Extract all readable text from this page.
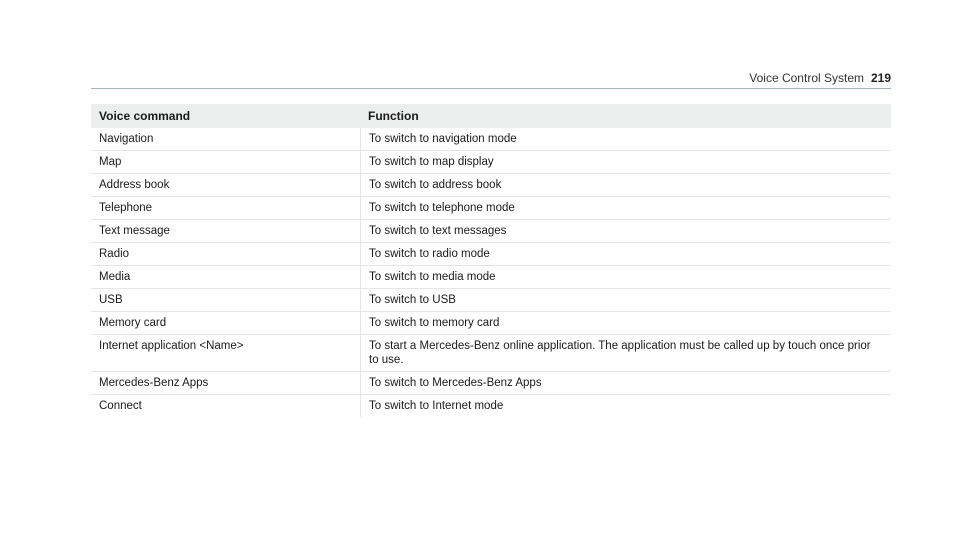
Voice Control System 219
Voice command	Function
Navigation	To switch to navigation mode
Map	To switch to map display
Address book	To switch to address book
Telephone	To switch to telephone mode
Text message	To switch to text messages
Radio	To switch to radio mode
Media	To switch to media mode
USB	To switch to USB
Memory card	To switch to memory card
Internet application <Name>	To start a Mercedes-Benz online application. The application must be called up by touch once prior to use.
Mercedes-Benz Apps	To switch to Mercedes-Benz Apps
Connect	To switch to Internet mode
